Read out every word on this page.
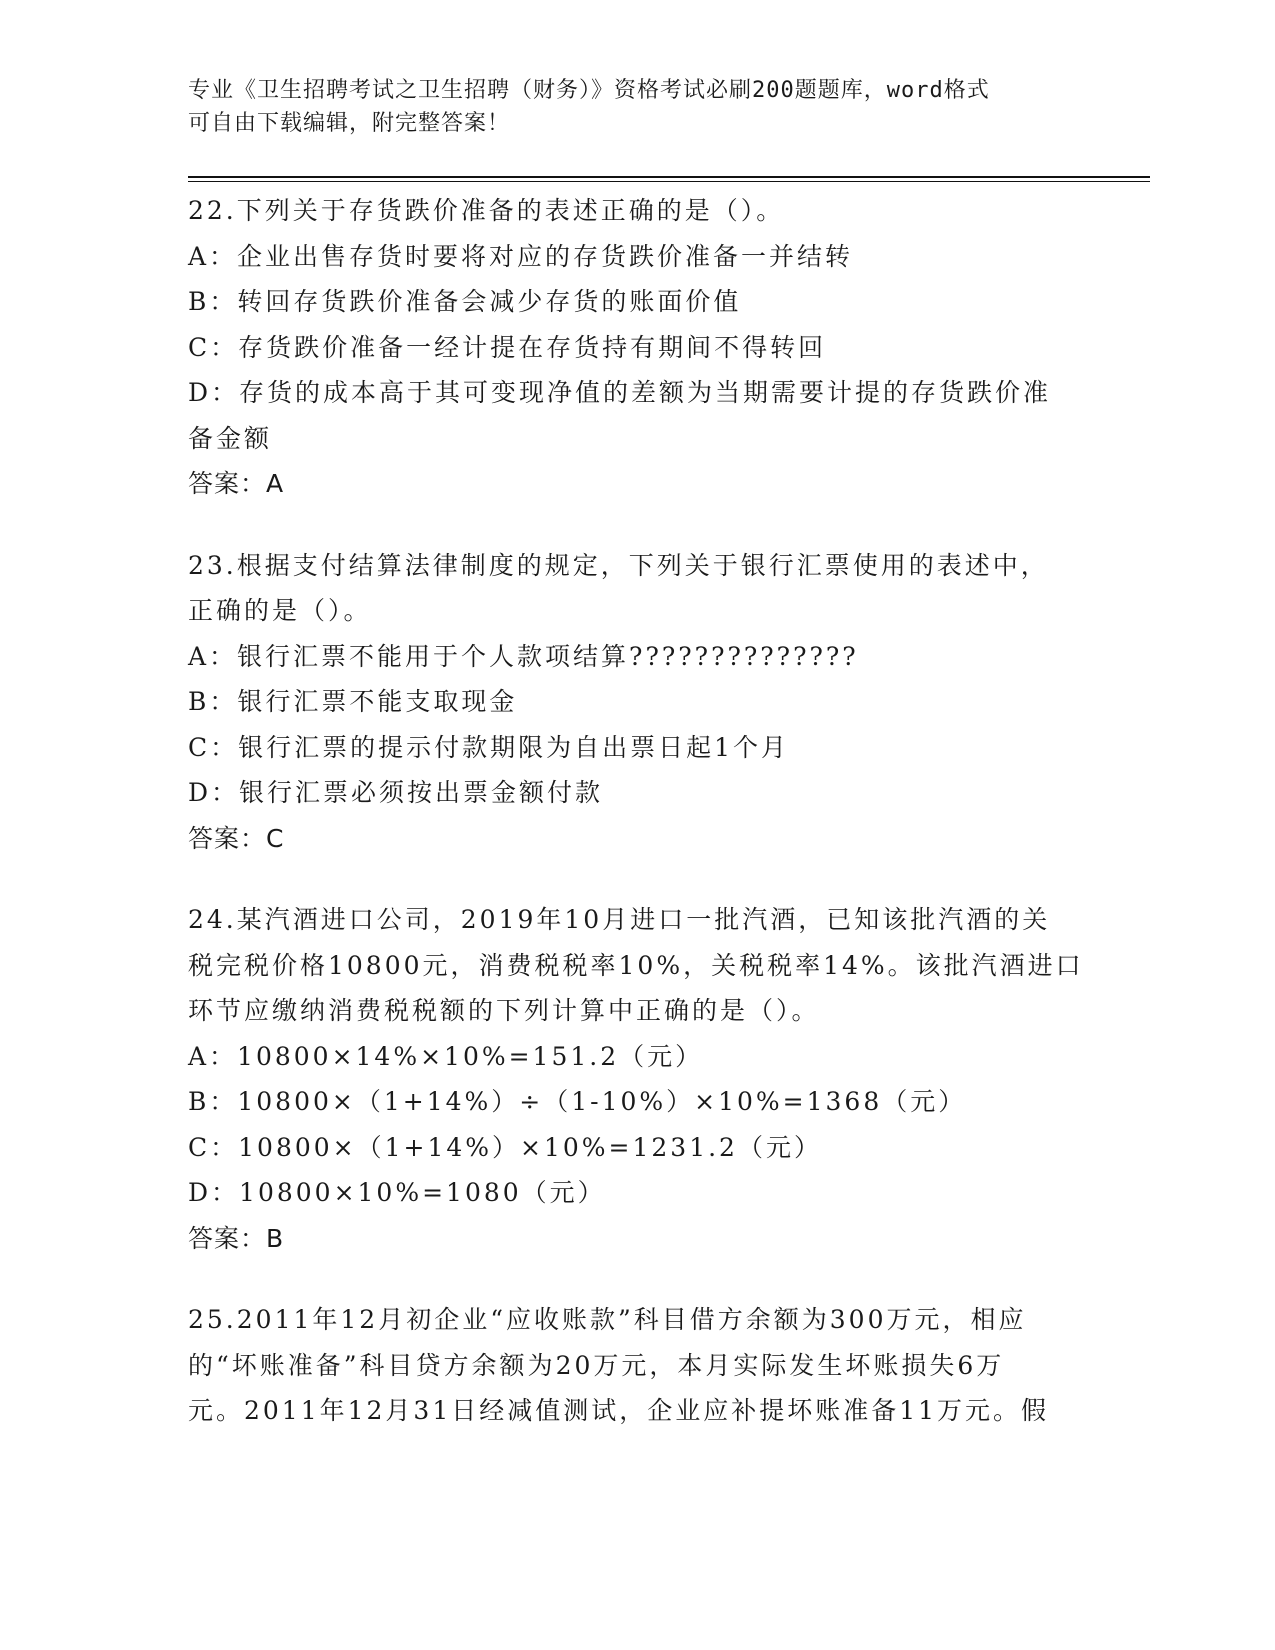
专业《卫生招聘考试之卫生招聘（财务）》资格考试必刷200题题库，word格式
可自由下载编辑，附完整答案！
22.下列关于存货跌价准备的表述正确的是（）。
A：企业出售存货时要将对应的存货跌价准备一并结转
B：转回存货跌价准备会减少存货的账面价值
C：存货跌价准备一经计提在存货持有期间不得转回
D：存货的成本高于其可变现净值的差额为当期需要计提的存货跌价准
备金额
答案：A
23.根据支付结算法律制度的规定，下列关于银行汇票使用的表述中，
正确的是（）。
A：银行汇票不能用于个人款项结算??????????????
B：银行汇票不能支取现金
C：银行汇票的提示付款期限为自出票日起1个月
D：银行汇票必须按出票金额付款
答案：C
24.某汽酒进口公司，2019年10月进口一批汽酒，已知该批汽酒的关
税完税价格10800元，消费税税率10%，关税税率14%。该批汽酒进口
环节应缴纳消费税税额的下列计算中正确的是（）。
A：10800×14%×10%=151.2（元）
B：10800×（1+14%）÷（1-10%）×10%=1368（元）
C：10800×（1+14%）×10%=1231.2（元）
D：10800×10%=1080（元）
答案：B
25.2011年12月初企业“应收账款”科目借方余额为300万元，相应
的“坏账准备”科目贷方余额为20万元，本月实际发生坏账损失6万
元。2011年12月31日经减值测试，企业应补提坏账准备11万元。假
